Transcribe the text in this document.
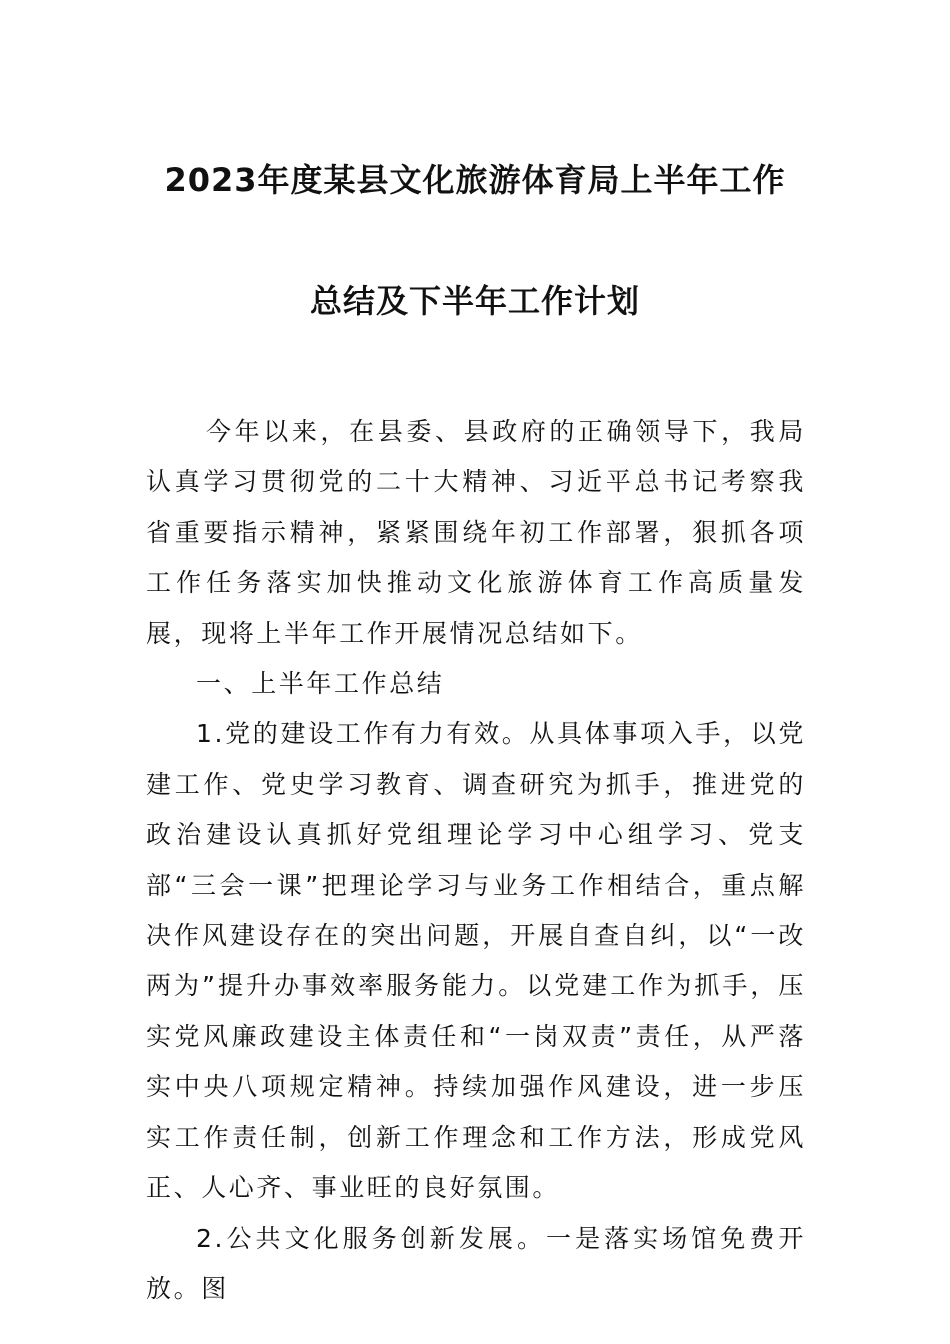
2023年度某县文化旅游体育局上半年工作
总结及下半年工作计划

今年以来，在县委、县政府的正确领导下，我局认真学习贯彻党的二十大精神、习近平总书记考察我省重要指示精神，紧紧围绕年初工作部署，狠抓各项工作任务落实加快推动文化旅游体育工作高质量发展，现将上半年工作开展情况总结如下。

一、上半年工作总结

1.党的建设工作有力有效。从具体事项入手，以党建工作、党史学习教育、调查研究为抓手，推进党的政治建设认真抓好党组理论学习中心组学习、党支部“三会一课”把理论学习与业务工作相结合，重点解决作风建设存在的突出问题，开展自查自纠，以“一改两为”提升办事效率服务能力。以党建工作为抓手，压实党风廉政建设主体责任和“一岗双责”责任，从严落实中央八项规定精神。持续加强作风建设，进一步压实工作责任制，创新工作理念和工作方法，形成党风正、人心齐、事业旺的良好氛围。

2.公共文化服务创新发展。一是落实场馆免费开放。图
